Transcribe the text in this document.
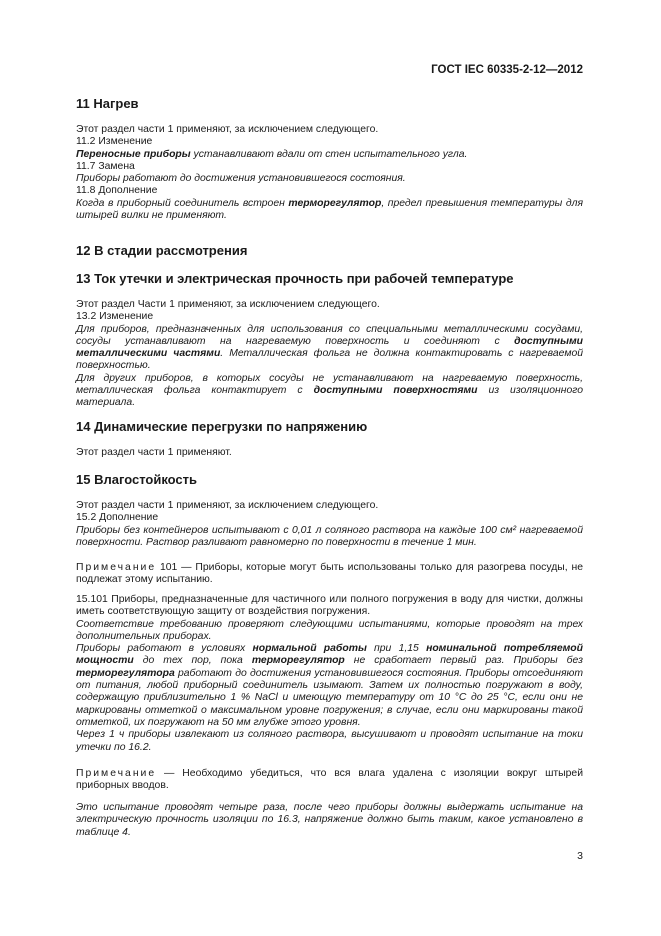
ГОСТ IEC 60335-2-12—2012
11 Нагрев

Этот раздел части 1 применяют, за исключением следующего.

11.2 Изменение

Переносные приборы устанавливают вдали от стен испытательного угла.

11.7 Замена

Приборы работают до достижения установившегося состояния.

11.8 Дополнение

Когда в приборный соединитель встроен терморегулятор, предел превышения температуры для штырей вилки не применяют.

12 В стадии рассмотрения
13 Ток утечки и электрическая прочность при рабочей температуре

Этот раздел Части 1 применяют, за исключением следующего.

13.2 Изменение

Для приборов, предназначенных для использования со специальными металлическими сосудами, сосуды устанавливают на нагреваемую поверхность и соединяют с доступными металлическими частями. Металлическая фольга не должна контактировать с нагреваемой поверхностью.

Для других приборов, в которых сосуды не устанавливают на нагреваемую поверхность, металлическая фольга контактирует с доступными поверхностями из изоляционного материала.

14 Динамические перегрузки по напряжению

Этот раздел части 1 применяют.

15 Влагостойкость

Этот раздел части 1 применяют, за исключением следующего.

15.2 Дополнение

Приборы без контейнеров испытывают с 0,01 л соляного раствора на каждые 100 см² нагреваемой поверхности. Раствор разливают равномерно по поверхности в течение 1 мин.

Примечание 101 — Приборы, которые могут быть использованы только для разогрева посуды, не подлежат этому испытанию.

15.101 Приборы, предназначенные для частичного или полного погружения в воду для чистки, должны иметь соответствующую защиту от воздействия погружения.

Соответствие требованию проверяют следующими испытаниями, которые проводят на трех дополнительных приборах.

Приборы работают в условиях нормальной работы при 1,15 номинальной потребляемой мощности до тех пор, пока терморегулятор не сработает первый раз. Приборы без терморегулятора работают до достижения установившегося состояния. Приборы отсоединяют от питания, любой приборный соединитель изымают. Затем их полностью погружают в воду, содержащую приблизительно 1 % NaCl и имеющую температуру от 10 °С до 25 °С, если они не маркированы отметкой о максимальном уровне погружения; в случае, если они маркированы такой отметкой, их погружают на 50 мм глубже этого уровня.

Через 1 ч приборы извлекают из соляного раствора, высушивают и проводят испытание на токи утечки по 16.2.

Примечание — Необходимо убедиться, что вся влага удалена с изоляции вокруг штырей приборных вводов.

Это испытание проводят четыре раза, после чего приборы должны выдержать испытание на электрическую прочность изоляции по 16.3, напряжение должно быть таким, какое установлено в таблице 4.

3
